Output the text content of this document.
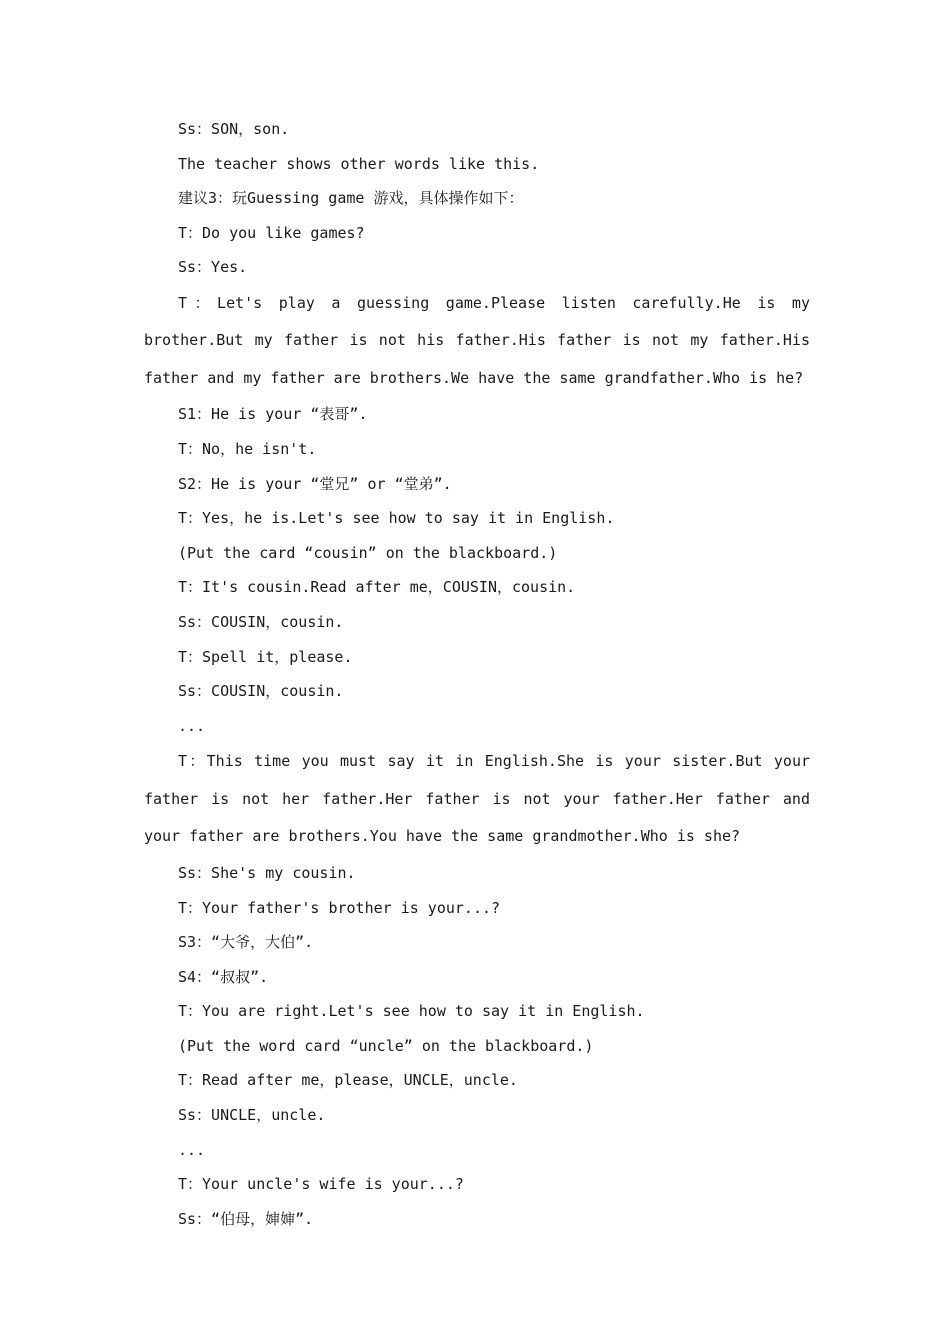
Ss：SON，son.
The teacher shows other words like this.
建议3：玩Guessing game 游戏，具体操作如下：
T：Do you like games?
Ss：Yes.

T：Let's play a guessing game.Please listen carefully.He is my brother.But my father is not his father.His father is not my father.His father and my father are brothers.We have the same grandfather.Who is he?

S1：He is your “表哥”.
T：No，he isn't.
S2：He is your “堂兄” or “堂弟”.
T：Yes，he is.Let's see how to say it in English.
(Put the card “cousin” on the blackboard.)
T：It's cousin.Read after me，COUSIN，cousin.
Ss：COUSIN，cousin.
T：Spell it，please.
Ss：COUSIN，cousin.
...

T：This time you must say it in English.She is your sister.But your father is not her father.Her father is not your father.Her father and your father are brothers.You have the same grandmother.Who is she?

Ss：She's my cousin.
T：Your father's brother is your...?
S3：“大爷，大伯”.
S4：“叔叔”.
T：You are right.Let's see how to say it in English.
(Put the word card “uncle” on the blackboard.)
T：Read after me，please，UNCLE，uncle.
Ss：UNCLE，uncle.
...
T：Your uncle's wife is your...?
Ss：“伯母，婶婶”.
